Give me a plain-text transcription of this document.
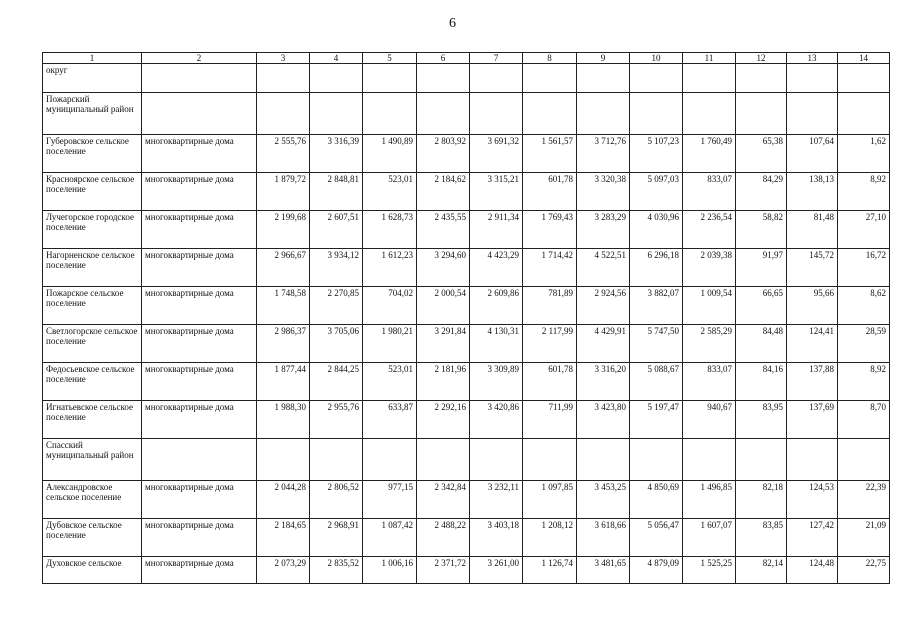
6
1	2	3	4	5	6	7	8	9	10	11	12	13	14
округ													
Пожарский муниципальный район													
Губеровское сельское поселение	многоквартирные дома	2 555,76	3 316,39	1 490,89	2 803,92	3 691,32	1 561,57	3 712,76	5 107,23	1 760,49	65,38	107,64	1,62
Красноярское сельское поселение	многоквартирные дома	1 879,72	2 848,81	523,01	2 184,62	3 315,21	601,78	3 320,38	5 097,03	833,07	84,29	138,13	8,92
Лучегорское городское поселение	многоквартирные дома	2 199,68	2 607,51	1 628,73	2 435,55	2 911,34	1 769,43	3 283,29	4 030,96	2 236,54	58,82	81,48	27,10
Нагорненское сельское поселение	многоквартирные дома	2 966,67	3 934,12	1 612,23	3 294,60	4 423,29	1 714,42	4 522,51	6 296,18	2 039,38	91,97	145,72	16,72
Пожарское сельское поселение	многоквартирные дома	1 748,58	2 270,85	704,02	2 000,54	2 609,86	781,89	2 924,56	3 882,07	1 009,54	66,65	95,66	8,62
Светлогорское сельское поселение	многоквартирные дома	2 986,37	3 705,06	1 980,21	3 291,84	4 130,31	2 117,99	4 429,91	5 747,50	2 585,29	84,48	124,41	28,59
Федосьевское сельское поселение	многоквартирные дома	1 877,44	2 844,25	523,01	2 181,96	3 309,89	601,78	3 316,20	5 088,67	833,07	84,16	137,88	8,92
Игнатьевское сельское поселение	многоквартирные дома	1 988,30	2 955,76	633,87	2 292,16	3 420,86	711,99	3 423,80	5 197,47	940,67	83,95	137,69	8,70
Спасский муниципальный район													
Александровское сельское поселение	многоквартирные дома	2 044,28	2 806,52	977,15	2 342,84	3 232,11	1 097,85	3 453,25	4 850,69	1 496,85	82,18	124,53	22,39
Дубовское сельское поселение	многоквартирные дома	2 184,65	2 968,91	1 087,42	2 488,22	3 403,18	1 208,12	3 618,66	5 056,47	1 607,07	83,85	127,42	21,09
Духовское сельское	многоквартирные дома	2 073,29	2 835,52	1 006,16	2 371,72	3 261,00	1 126,74	3 481,65	4 879,09	1 525,25	82,14	124,48	22,75
